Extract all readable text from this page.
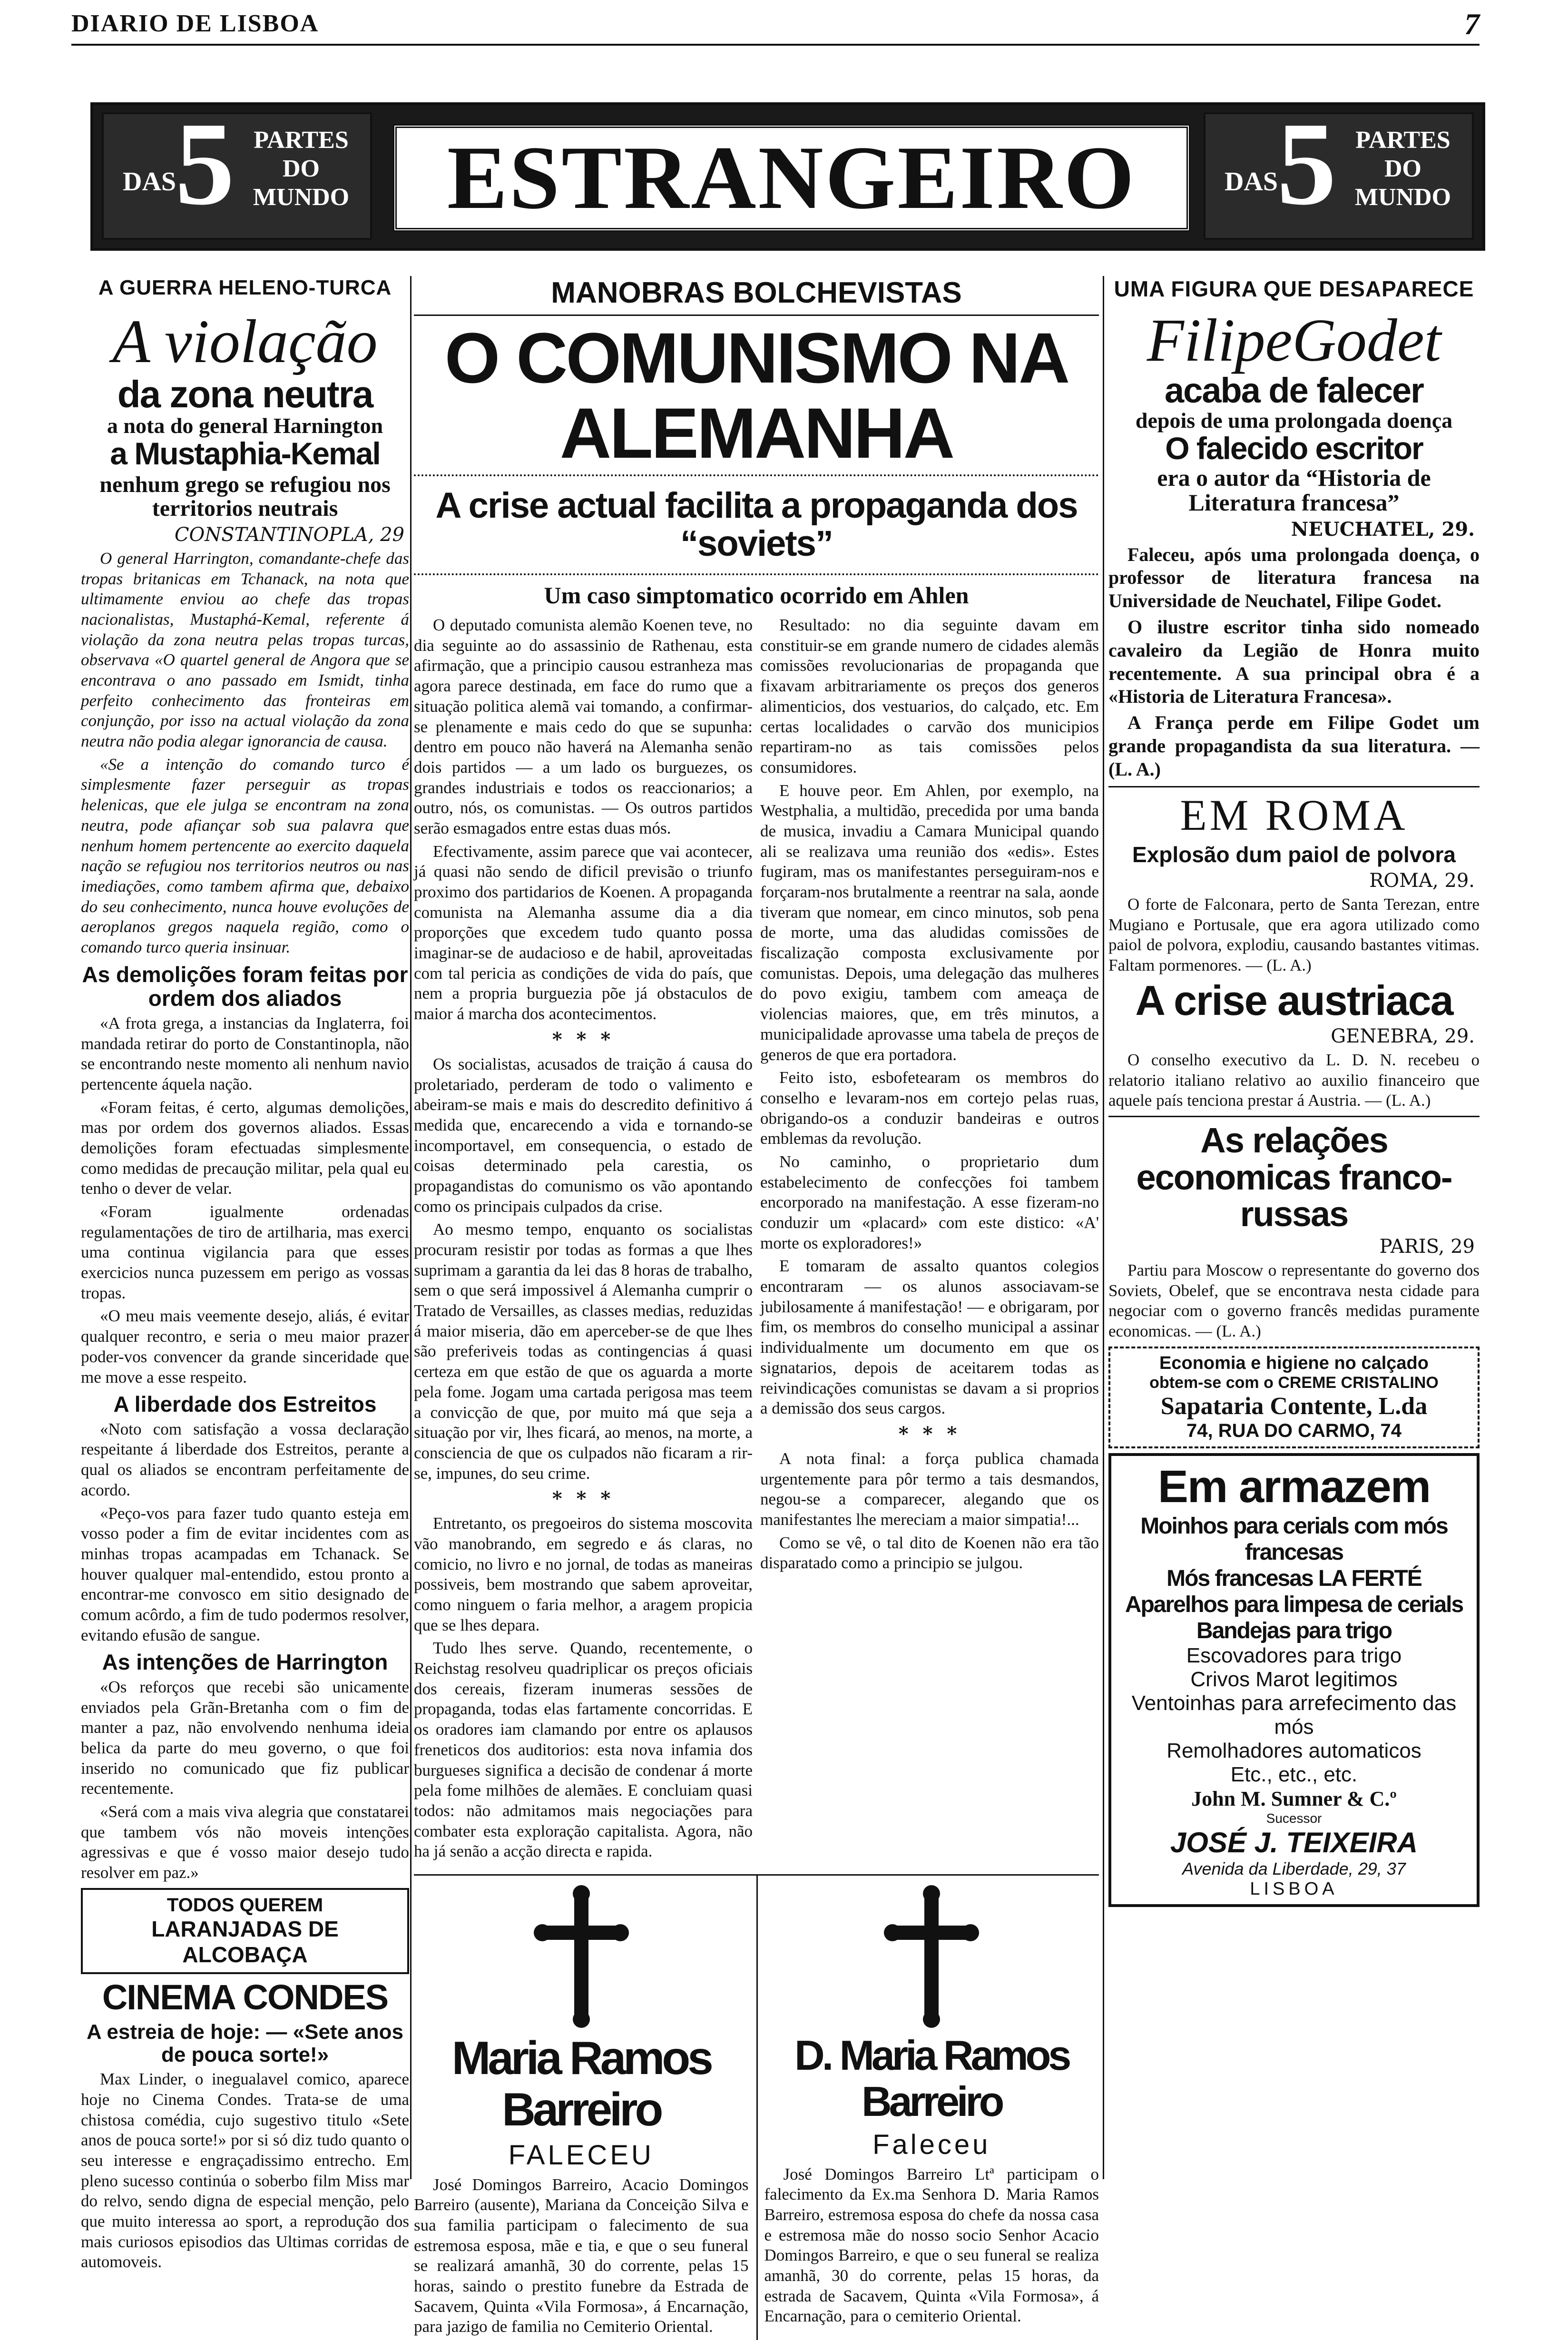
DIARIO DE LISBOA	7
DAS
5 PARTES
DO
MUNDO	ESTRANGEIRO	DAS
5 PARTES
DO
MUNDO
A GUERRA HELENO-TURCA
A violação
da zona neutra
a nota do general Harnington
a Mustaphia-Kemal
nenhum grego se refugiou nos territorios neutrais
CONSTANTINOPLA, 29

O general Harrington, comandante-chefe das tropas britanicas em Tchanack, na nota que ultimamente enviou ao chefe das tropas nacionalistas, Mustaphá-Kemal, referente á violação da zona neutra pelas tropas turcas, observava «O quartel general de Angora que se encontrava o ano passado em Ismidt, tinha perfeito conhecimento das fronteiras em conjunção, por isso na actual violação da zona neutra não podia alegar ignorancia de causa.

«Se a intenção do comando turco é simplesmente fazer perseguir as tropas helenicas, que ele julga se encontram na zona neutra, pode afiançar sob sua palavra que nenhum homem pertencente ao exercito daquela nação se refugiou nos territorios neutros ou nas imediações, como tambem afirma que, debaixo do seu conhecimento, nunca houve evoluções de aeroplanos gregos naquela região, como o comando turco queria insinuar.

As demolições foram feitas por ordem dos aliados

«A frota grega, a instancias da Inglaterra, foi mandada retirar do porto de Constantinopla, não se encontrando neste momento ali nenhum navio pertencente áquela nação.

«Foram feitas, é certo, algumas demolições, mas por ordem dos governos aliados. Essas demolições foram efectuadas simplesmente como medidas de precaução militar, pela qual eu tenho o dever de velar.

«Foram igualmente ordenadas regulamentações de tiro de artilharia, mas exerci uma continua vigilancia para que esses exercicios nunca puzessem em perigo as vossas tropas.

«O meu mais veemente desejo, aliás, é evitar qualquer recontro, e seria o meu maior prazer poder-vos convencer da grande sinceridade que me move a esse respeito.

A liberdade dos Estreitos

«Noto com satisfação a vossa declaração respeitante á liberdade dos Estreitos, perante a qual os aliados se encontram perfeitamente de acordo.

«Peço-vos para fazer tudo quanto esteja em vosso poder a fim de evitar incidentes com as minhas tropas acampadas em Tchanack. Se houver qualquer mal-entendido, estou pronto a encontrar-me convosco em sitio designado de comum acôrdo, a fim de tudo podermos resolver, evitando efusão de sangue.

As intenções de Harrington

«Os reforços que recebi são unicamente enviados pela Grãn-Bretanha com o fim de manter a paz, não envolvendo nenhuma ideia belica da parte do meu governo, o que foi inserido no comunicado que fiz publicar recentemente.

«Será com a mais viva alegria que constatarei que tambem vós não moveis intenções agressivas e que é vosso maior desejo tudo resolver em paz.»

TODOS QUEREM
LARANJADAS DE ALCOBAÇA
CINEMA CONDES
A estreia de hoje: — «Sete anos de pouca sorte!»

Max Linder, o inegualavel comico, aparece hoje no Cinema Condes. Trata-se de uma chistosa comédia, cujo sugestivo titulo «Sete anos de pouca sorte!» por si só diz tudo quanto o seu interesse e engraçadissimo entrecho. Em pleno sucesso continúa o soberbo film Miss mar do relvo, sendo digna de especial menção, pelo que muito interessa ao sport, a reprodução dos mais curiosos episodios das Ultimas corridas de automoveis.

MANOBRAS BOLCHEVISTAS
O COMUNISMO NA ALEMANHA
A crise actual facilita a propaganda dos “soviets”
Um caso simptomatico ocorrido em Ahlen

O deputado comunista alemão Koenen teve, no dia seguinte ao do assassinio de Rathenau, esta afirmação, que a principio causou estranheza mas agora parece destinada, em face do rumo que a situação politica alemã vai tomando, a confirmar-se plenamente e mais cedo do que se supunha: dentro em pouco não haverá na Alemanha senão dois partidos — a um lado os burguezes, os grandes industriais e todos os reaccionarios; a outro, nós, os comunistas. — Os outros partidos serão esmagados entre estas duas mós.

Efectivamente, assim parece que vai acontecer, já quasi não sendo de dificil previsão o triunfo proximo dos partidarios de Koenen. A propaganda comunista na Alemanha assume dia a dia proporções que excedem tudo quanto possa imaginar-se de audacioso e de habil, aproveitadas com tal pericia as condições de vida do país, que nem a propria burguezia põe já obstaculos de maior á marcha dos acontecimentos.

* * *

Os socialistas, acusados de traição á causa do proletariado, perderam de todo o valimento e abeiram-se mais e mais do descredito definitivo á medida que, encarecendo a vida e tornando-se incomportavel, em consequencia, o estado de coisas determinado pela carestia, os propagandistas do comunismo os vão apontando como os principais culpados da crise.

Ao mesmo tempo, enquanto os socialistas procuram resistir por todas as formas a que lhes suprimam a garantia da lei das 8 horas de trabalho, sem o que será impossivel á Alemanha cumprir o Tratado de Versailles, as classes medias, reduzidas á maior miseria, dão em aperceber-se de que lhes são preferiveis todas as contingencias á quasi certeza em que estão de que os aguarda a morte pela fome. Jogam uma cartada perigosa mas teem a convicção de que, por muito má que seja a situação por vir, lhes ficará, ao menos, na morte, a consciencia de que os culpados não ficaram a rir-se, impunes, do seu crime.

* * *

Entretanto, os pregoeiros do sistema moscovita vão manobrando, em segredo e ás claras, no comicio, no livro e no jornal, de todas as maneiras possiveis, bem mostrando que sabem aproveitar, como ninguem o faria melhor, a aragem propicia que se lhes depara.

Tudo lhes serve. Quando, recentemente, o Reichstag resolveu quadriplicar os preços oficiais dos cereais, fizeram inumeras sessões de propaganda, todas elas fartamente concorridas. E os oradores iam clamando por entre os aplausos freneticos dos auditorios: esta nova infamia dos burgueses significa a decisão de condenar á morte pela fome milhões de alemães. E concluiam quasi todos: não admitamos mais negociações para combater esta exploração capitalista. Agora, não ha já senão a acção directa e rapida.

Resultado: no dia seguinte davam em constituir-se em grande numero de cidades alemãs comissões revolucionarias de propaganda que fixavam arbitrariamente os preços dos generos alimenticios, dos vestuarios, do calçado, etc. Em certas localidades o carvão dos municipios repartiram-no as tais comissões pelos consumidores.

E houve peor. Em Ahlen, por exemplo, na Westphalia, a multidão, precedida por uma banda de musica, invadiu a Camara Municipal quando ali se realizava uma reunião dos «edis». Estes fugiram, mas os manifestantes perseguiram-nos e forçaram-nos brutalmente a reentrar na sala, aonde tiveram que nomear, em cinco minutos, sob pena de morte, uma das aludidas comissões de fiscalização composta exclusivamente por comunistas. Depois, uma delegação das mulheres do povo exigiu, tambem com ameaça de violencias maiores, que, em três minutos, a municipalidade aprovasse uma tabela de preços de generos de que era portadora.

Feito isto, esbofetearam os membros do conselho e levaram-nos em cortejo pelas ruas, obrigando-os a conduzir bandeiras e outros emblemas da revolução.

No caminho, o proprietario dum estabelecimento de confecções foi tambem encorporado na manifestação. A esse fizeram-no conduzir um «placard» com este distico: «A' morte os exploradores!»

E tomaram de assalto quantos colegios encontraram — os alunos associavam-se jubilosamente á manifestação! — e obrigaram, por fim, os membros do conselho municipal a assinar individualmente um documento em que os signatarios, depois de aceitarem todas as reivindicações comunistas se davam a si proprios a demissão dos seus cargos.

* * *

A nota final: a força publica chamada urgentemente para pôr termo a tais desmandos, negou-se a comparecer, alegando que os manifestantes lhe mereciam a maior simpatia!...

Como se vê, o tal dito de Koenen não era tão disparatado como a principio se julgou.

Maria Ramos Barreiro
FALECEU

José Domingos Barreiro, Acacio Domingos Barreiro (ausente), Mariana da Conceição Silva e sua familia participam o falecimento de sua estremosa esposa, mãe e tia, e que o seu funeral se realizará amanhã, 30 do corrente, pelas 15 horas, saindo o prestito funebre da Estrada de Sacavem, Quinta «Vila Formosa», á Encarnação, para jazigo de familia no Cemiterio Oriental.

D. Maria Ramos Barreiro
Faleceu

José Domingos Barreiro Ltª participam o falecimento da Ex.ma Senhora D. Maria Ramos Barreiro, estremosa esposa do chefe da nossa casa e estremosa mãe do nosso socio Senhor Acacio Domingos Barreiro, e que o seu funeral se realiza amanhã, 30 do corrente, pelas 15 horas, da estrada de Sacavem, Quinta «Vila Formosa», á Encarnação, para o cemiterio Oriental.

UMA FIGURA QUE DESAPARECE
FilipeGodet
acaba de falecer
depois de uma prolongada doença
O falecido escritor
era o autor da “Historia de Literatura francesa”
NEUCHATEL, 29.

Faleceu, após uma prolongada doença, o professor de literatura francesa na Universidade de Neuchatel, Filipe Godet.

O ilustre escritor tinha sido nomeado cavaleiro da Legião de Honra muito recentemente. A sua principal obra é a «Historia de Literatura Francesa».

A França perde em Filipe Godet um grande propagandista da sua literatura. — (L. A.)

EM ROMA
Explosão dum paiol de polvora
ROMA, 29.

O forte de Falconara, perto de Santa Terezan, entre Mugiano e Portusale, que era agora utilizado como paiol de polvora, explodiu, causando bastantes vitimas. Faltam pormenores. — (L. A.)

A crise austriaca
GENEBRA, 29.

O conselho executivo da L. D. N. recebeu o relatorio italiano relativo ao auxilio financeiro que aquele país tenciona prestar á Austria. — (L. A.)

As relações economicas franco-russas
PARIS, 29

Partiu para Moscow o representante do governo dos Soviets, Obelef, que se encontrava nesta cidade para negociar com o governo francês medidas puramente economicas. — (L. A.)

Economia e higiene no calçado
obtem-se com o CREME CRISTALINO
Sapataria Contente, L.da
74, RUA DO CARMO, 74
Em armazem
Moinhos para cerials com mós francesas
Mós francesas LA FERTÉ
Aparelhos para limpesa de cerials
Bandejas para trigo
Escovadores para trigo
Crivos Marot legitimos
Ventoinhas para arrefecimento das mós
Remolhadores automaticos
Etc., etc., etc.
John M. Sumner & C.º
Sucessor
JOSÉ J. TEIXEIRA
Avenida da Liberdade, 29, 37
LISBOA
